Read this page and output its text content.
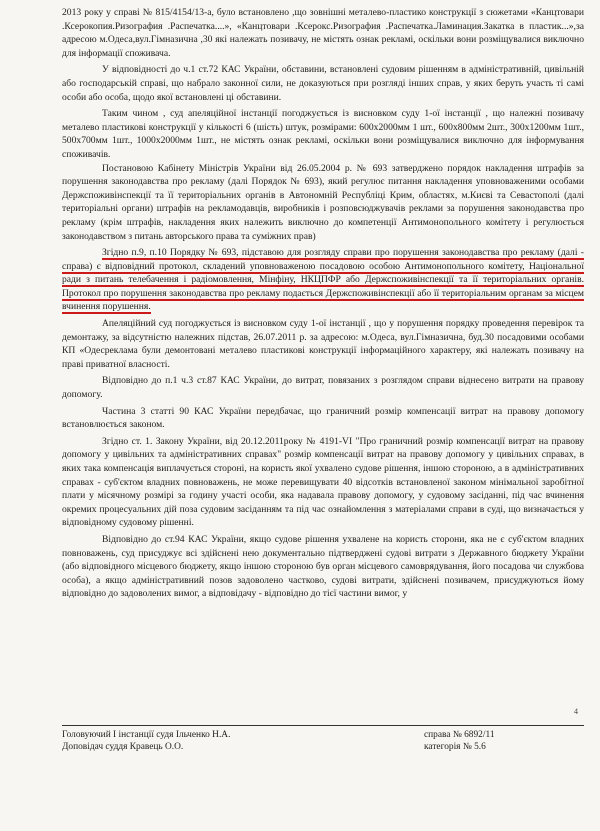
2013 року у справі № 815/4154/13-а, було встановлено ,що зовнішні металево-пластико конструкції з сюжетами «Канцтовари .Ксерокопия.Ризография .Распечатка....», «Канцтовари .Ксерокс.Ризография .Распечатка.Ламинация.Закатка в пластик...»,за адресою м.Одеса,вул.Гімназична ,30 які належать позивачу, не містять ознак рекламі, оскільки вони розміщувалися виключно для інформації споживача.

У відповідності до ч.1 ст.72 КАС України, обставини, встановлені судовим рішенням в адміністративній, цивільній або господарській справі, що набрало законної сили, не доказуються при розгляді інших справ, у яких беруть участь ті самі особи або особа, щодо якої встановлені ці обставини.

Таким чином , суд апеляційної інстанції погоджується із висновком суду 1-ої інстанції , що належні позивачу металево пластикові конструкції у кількості 6 (шість) штук, розмірами: 600х2000мм 1 шт., 600х800мм 2шт., 300х1200мм 1шт., 500х700мм 1шт., 1000х2000мм 1шт., не містять ознак рекламі, оскільки вони розміщувалися виключно для інформування споживачів.

Постановою Кабінету Міністрів України від 26.05.2004 р. № 693 затверджено порядок накладення штрафів за порушення законодавства про рекламу (далі Порядок № 693), який регулює питання накладення уповноваженими особами Держспоживінспекції та її територіальних органів в Автономній Республіці Крим, областях, м.Києві та Севастополі (далі територіальні органи) штрафів на рекламодавців, виробників і розповсюджувачів реклами за порушення законодавства про рекламу (крім штрафів, накладення яких належить виключно до компетенції Антимонопольного комітету і регулюється законодавством з питань авторського права та суміжних прав)

Згідно п.9, п.10 Порядку № 693, підставою для розгляду справи про порушення законодавства про рекламу (далі - справа) є відповідний протокол, складений уповноваженою посадовою особою Антимонопольного комітету, Національної ради з питань телебачення і радіомовлення, Мінфіну, НКЦПФР або Держспоживінспекції та її територіальних органів. Протокол про порушення законодавства про рекламу подається Держспоживінспекції або її територіальним органам за місцем вчинення порушення.

Апеляційний суд погоджується із висновком суду 1-ої інстанції , що у порушення порядку проведення перевірок та демонтажу, за відсутністю належних підстав, 26.07.2011 р. за адресою: м.Одеса, вул.Гімназична, буд.30 посадовими особами КП «Одесреклама були демонтовані металево пластикові конструкції інформаційного характеру, які належать позивачу на праві приватної власності.

Відповідно до п.1 ч.3 ст.87 КАС України, до витрат, повязаних з розглядом справи віднесено витрати на правову допомогу.

Частина 3 статті 90 КАС України передбачає, що граничний розмір компенсації витрат на правову допомогу встановлюється законом.

Згідно ст. 1. Закону України, від 20.12.2011року № 4191-VI "Про граничний розмір компенсації витрат на правову допомогу у цивільних та адміністративних справах" розмір компенсації витрат на правову допомогу у цивільних справах, в яких така компенсація виплачується стороні, на користь якої ухвалено судове рішення, іншою стороною, а в адміністративних справах - суб'єктом владних повноважень, не може перевищувати 40 відсотків встановленої законом мінімальної заробітної плати у місячному розмірі за годину участі особи, яка надавала правову допомогу, у судовому засіданні, під час вчинення окремих процесуальних дій поза судовим засіданням та під час ознайомлення з матеріалами справи в суді, що визначається у відповідному судовому рішенні.

Відповідно до ст.94 КАС України, якщо судове рішення ухвалене на користь сторони, яка не є суб'єктом владних повноважень, суд присуджує всі здійснені нею документально підтверджені судові витрати з Державного бюджету України (або відповідного місцевого бюджету, якщо іншою стороною був орган місцевого самоврядування, його посадова чи службова особа), а якщо адміністративний позов задоволено частково, судові витрати, здійснені позивачем, присуджуються йому відповідно до задоволених вимог, а відповідачу - відповідно до тієї частини вимог, у

4
Головуючий I інстанції судя Ільченко Н.А.	справа № 6892/11
Доповідач суддя Кравець О.О.	категорія № 5.6
